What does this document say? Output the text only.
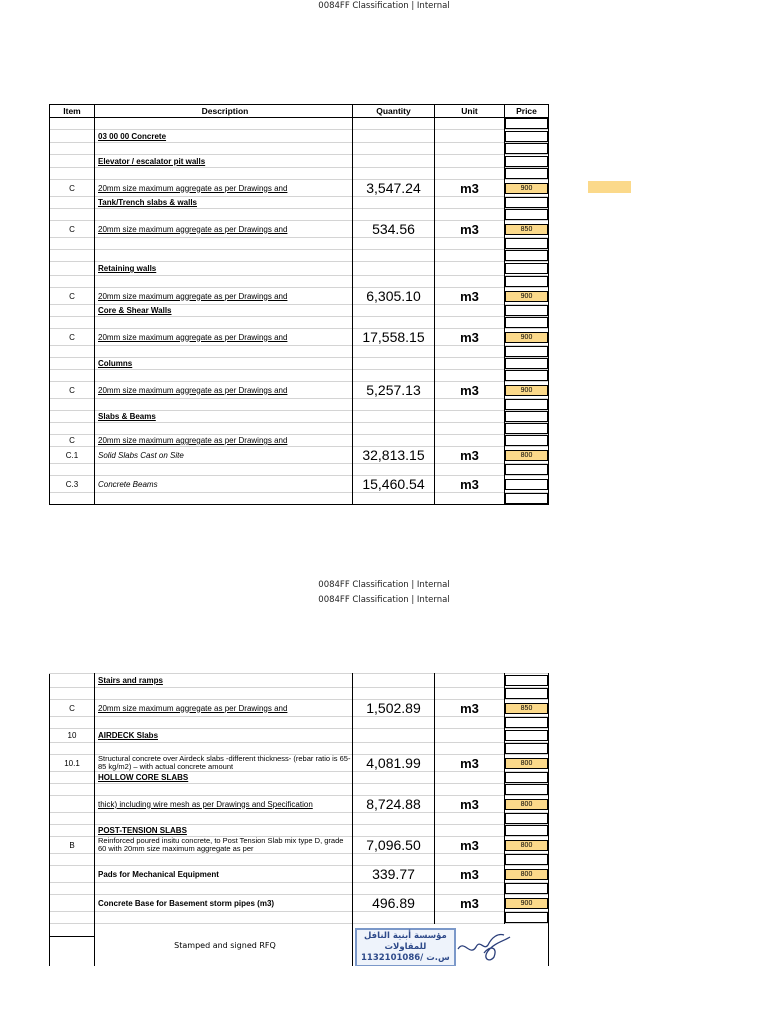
0084FF Classification | Internal
Item	Description	Quantity	Unit	Price

	03 00 00 Concrete			

	Elevator / escalator pit walls			

C	20mm size maximum aggregate as per Drawings and	3,547.24	m3	900

	Tank/Trench slabs & walls			

C	20mm size maximum aggregate as per Drawings and	534.56	m3	850

	Retaining walls			

C	20mm size maximum aggregate as per Drawings and	6,305.10	m3	900

	Core & Shear Walls			

C	20mm size maximum aggregate as per Drawings and	17,558.15	m3	900

	Columns			

C	20mm size maximum aggregate as per Drawings and	5,257.13	m3	900

	Slabs & Beams			

C	20mm size maximum aggregate as per Drawings and			

C.1	Solid Slabs Cast on Site	32,813.15	m3	800

C.3	Concrete Beams	15,460.54	m3	

0084FF Classification | Internal
0084FF Classification | Internal
	Stairs and ramps			

C	20mm size maximum aggregate as per Drawings and	1,502.89	m3	850

10	AIRDECK Slabs			

10.1	Structural concrete over Airdeck slabs -different thickness- (rebar ratio is 65-85 kg/m2) – with actual concrete amount	4,081.99	m3	800

	HOLLOW CORE SLABS			

	thick) including wire mesh as per Drawings and Specification	8,724.88	m3	800

	POST-TENSION SLABS			

B	Reinforced poured insitu concrete, to Post Tension Slab mix type D, grade 60 with 20mm size maximum aggregate as per	7,096.50	m3	800

	Pads for Mechanical Equipment	339.77	m3	800

	Concrete Base for Basement storm pipes (m3)	496.89	m3	900

	Stamped and signed RFQ	مؤسسة أبنية النافل
للمقاولات
س.ت /1132101086		
